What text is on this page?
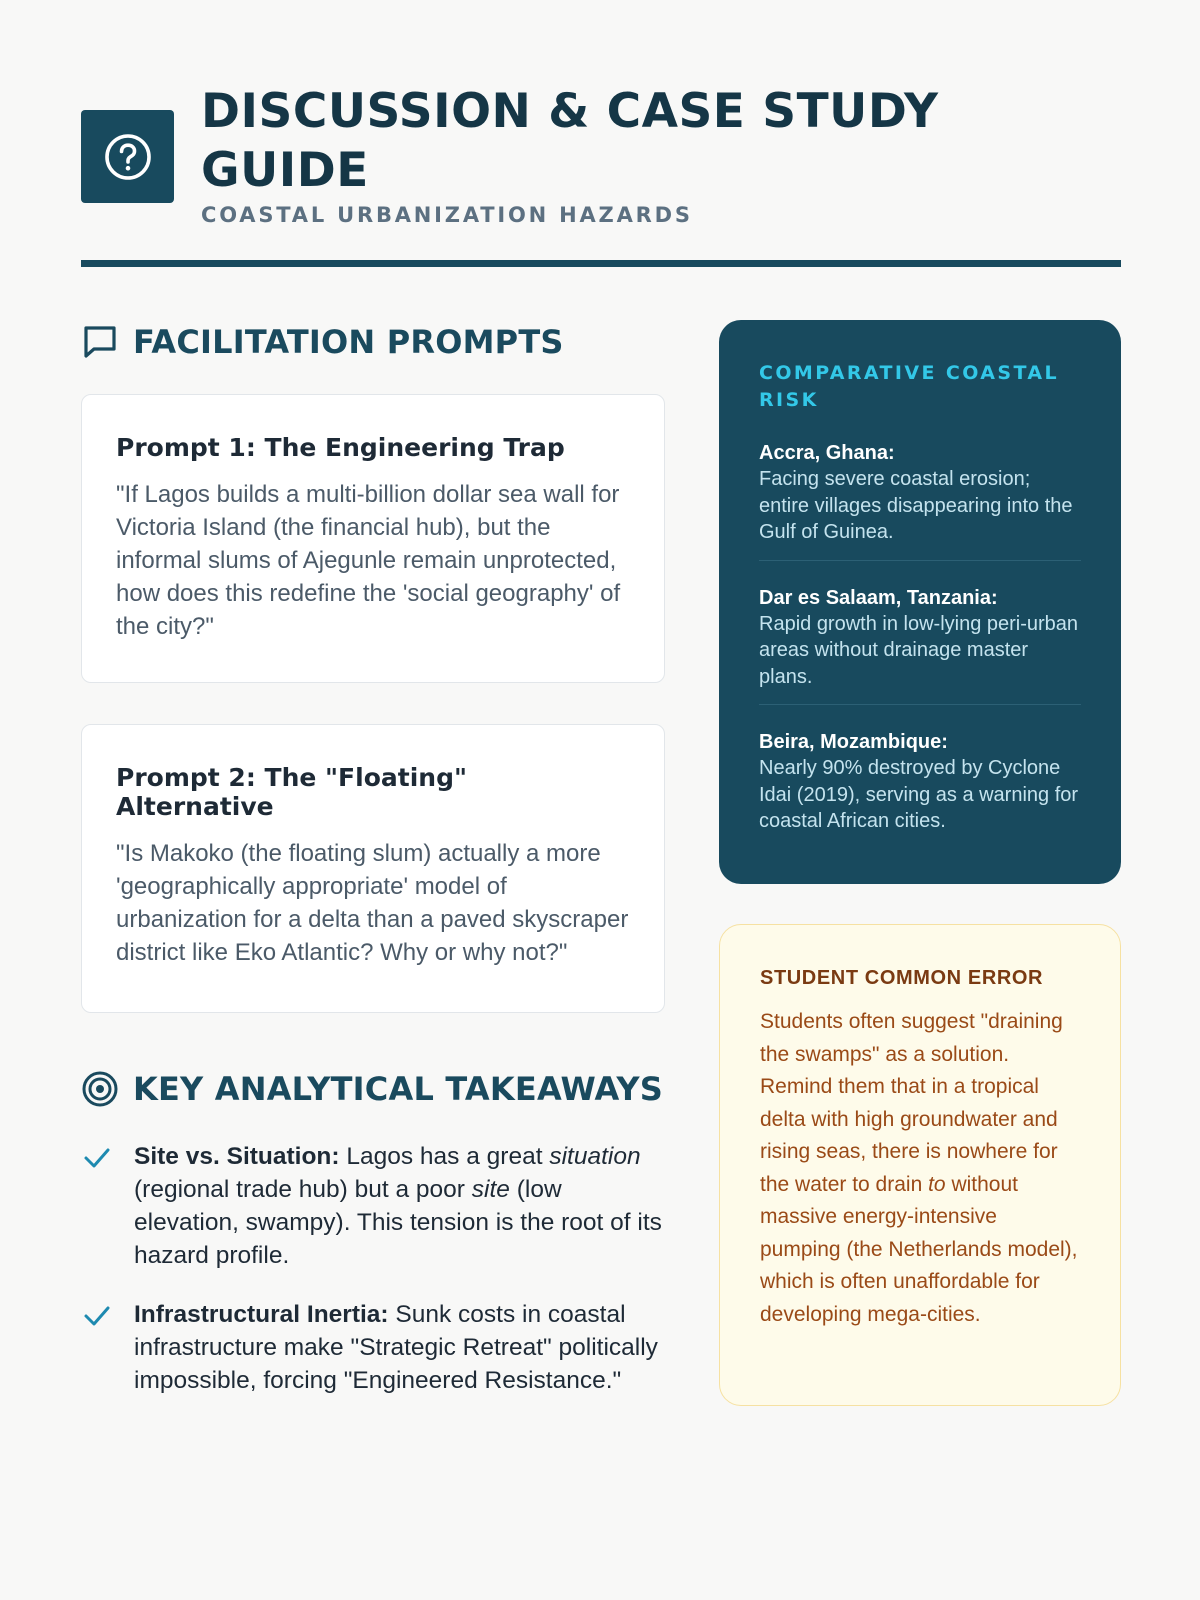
DISCUSSION & CASE STUDY GUIDE
COASTAL URBANIZATION HAZARDS
FACILITATION PROMPTS
Prompt 1: The Engineering Trap

"If Lagos builds a multi-billion dollar sea wall for Victoria Island (the financial hub), but the informal slums of Ajegunle remain unprotected, how does this redefine the 'social geography' of the city?"

Prompt 2: The "Floating" Alternative

"Is Makoko (the floating slum) actually a more 'geographically appropriate' model of urbanization for a delta than a paved skyscraper district like Eko Atlantic? Why or why not?"

KEY ANALYTICAL TAKEAWAYS
Site vs. Situation: Lagos has a great situation (regional trade hub) but a poor site (low elevation, swampy). This tension is the root of its hazard profile.
Infrastructural Inertia: Sunk costs in coastal infrastructure make "Strategic Retreat" politically impossible, forcing "Engineered Resistance."
COMPARATIVE COASTAL RISK
Accra, Ghana:
Facing severe coastal erosion; entire villages disappearing into the Gulf of Guinea.
Dar es Salaam, Tanzania:
Rapid growth in low-lying peri-urban areas without drainage master plans.
Beira, Mozambique:
Nearly 90% destroyed by Cyclone Idai (2019), serving as a warning for coastal African cities.
STUDENT COMMON ERROR
Students often suggest "draining the swamps" as a solution. Remind them that in a tropical delta with high groundwater and rising seas, there is nowhere for the water to drain to without massive energy-intensive pumping (the Netherlands model), which is often unaffordable for developing mega-cities.
